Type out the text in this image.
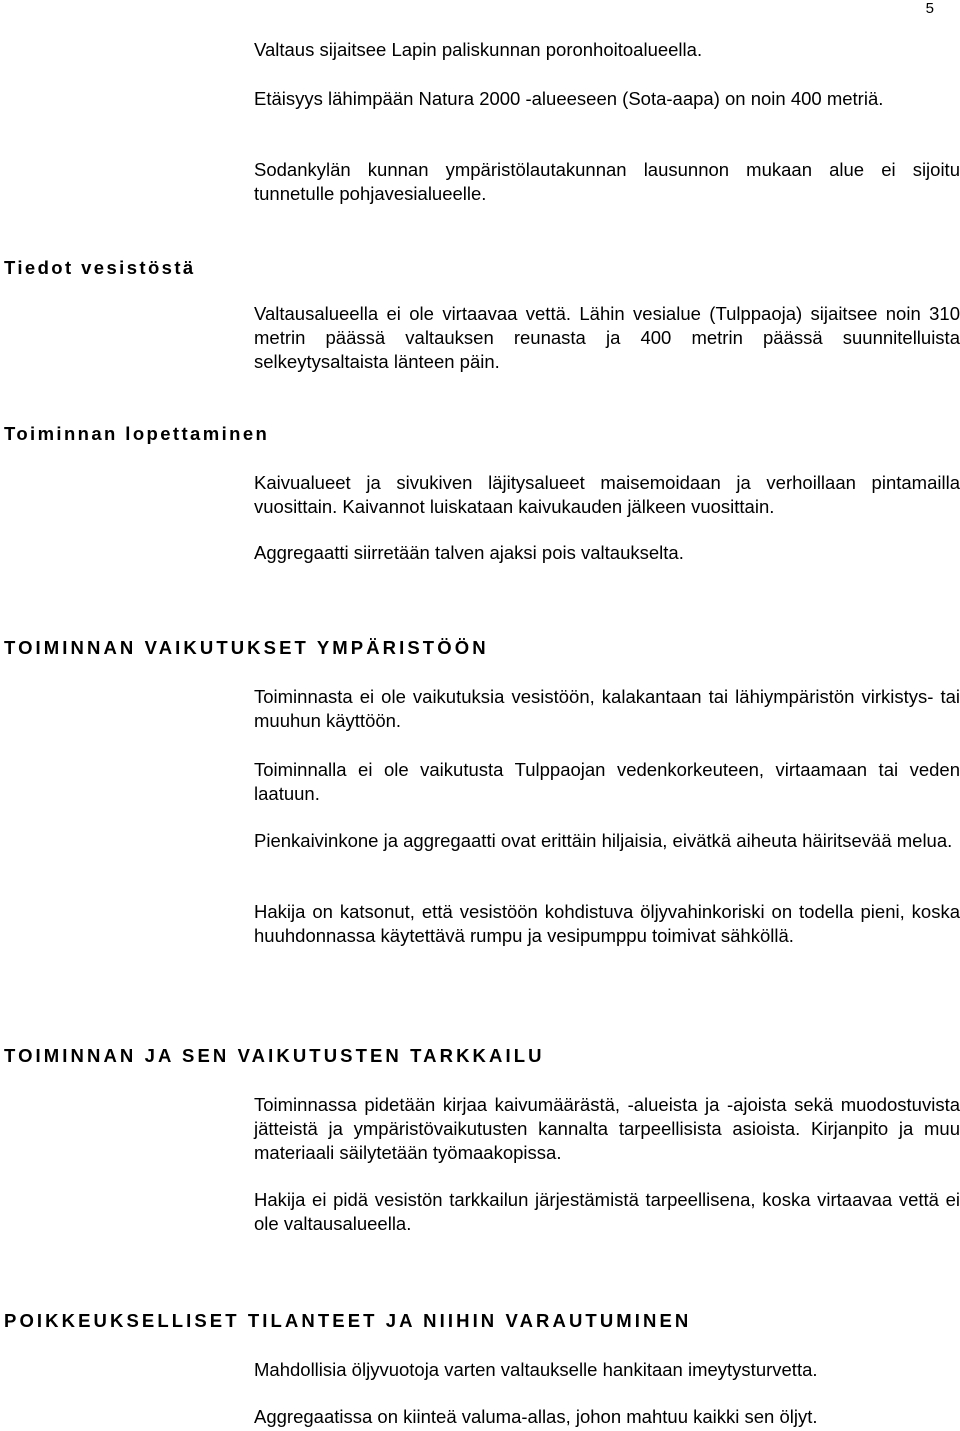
5

Valtaus sijaitsee Lapin paliskunnan poronhoitoalueella.

Etäisyys lähimpään Natura 2000 -alueeseen (Sota-aapa) on noin 400 metriä.

Sodankylän kunnan ympäristölautakunnan lausunnon mukaan alue ei sijoitu tunnetulle pohjavesialueelle.

Tiedot vesistöstä

Valtausalueella ei ole virtaavaa vettä. Lähin vesialue (Tulppaoja) sijaitsee noin 310 metrin päässä valtauksen reunasta ja 400 metrin päässä suunnitelluista selkeytysaltaista länteen päin.

Toiminnan lopettaminen

Kaivualueet ja sivukiven läjitysalueet maisemoidaan ja verhoillaan pintamailla vuosittain. Kaivannot luiskataan kaivukauden jälkeen vuosittain.

Aggregaatti siirretään talven ajaksi pois valtaukselta.

TOIMINNAN VAIKUTUKSET YMPÄRISTÖÖN

Toiminnasta ei ole vaikutuksia vesistöön, kalakantaan tai lähiympäristön virkistys- tai muuhun käyttöön.

Toiminnalla ei ole vaikutusta Tulppaojan vedenkorkeuteen, virtaamaan tai veden laatuun.

Pienkaivinkone ja aggregaatti ovat erittäin hiljaisia, eivätkä aiheuta häiritsevää melua.

Hakija on katsonut, että vesistöön kohdistuva öljyvahinkoriski on todella pieni, koska huuhdonnassa käytettävä rumpu ja vesipumppu toimivat sähköllä.

TOIMINNAN JA SEN VAIKUTUSTEN TARKKAILU

Toiminnassa pidetään kirjaa kaivumäärästä, -alueista ja -ajoista sekä muodostuvista jätteistä ja ympäristövaikutusten kannalta tarpeellisista asioista. Kirjanpito ja muu materiaali säilytetään työmaakopissa.

Hakija ei pidä vesistön tarkkailun järjestämistä tarpeellisena, koska virtaavaa vettä ei ole valtausalueella.

POIKKEUKSELLISET TILANTEET JA NIIHIN VARAUTUMINEN

Mahdollisia öljyvuotoja varten valtaukselle hankitaan imeytysturvetta.

Aggregaatissa on kiinteä valuma-allas, johon mahtuu kaikki sen öljyt.
